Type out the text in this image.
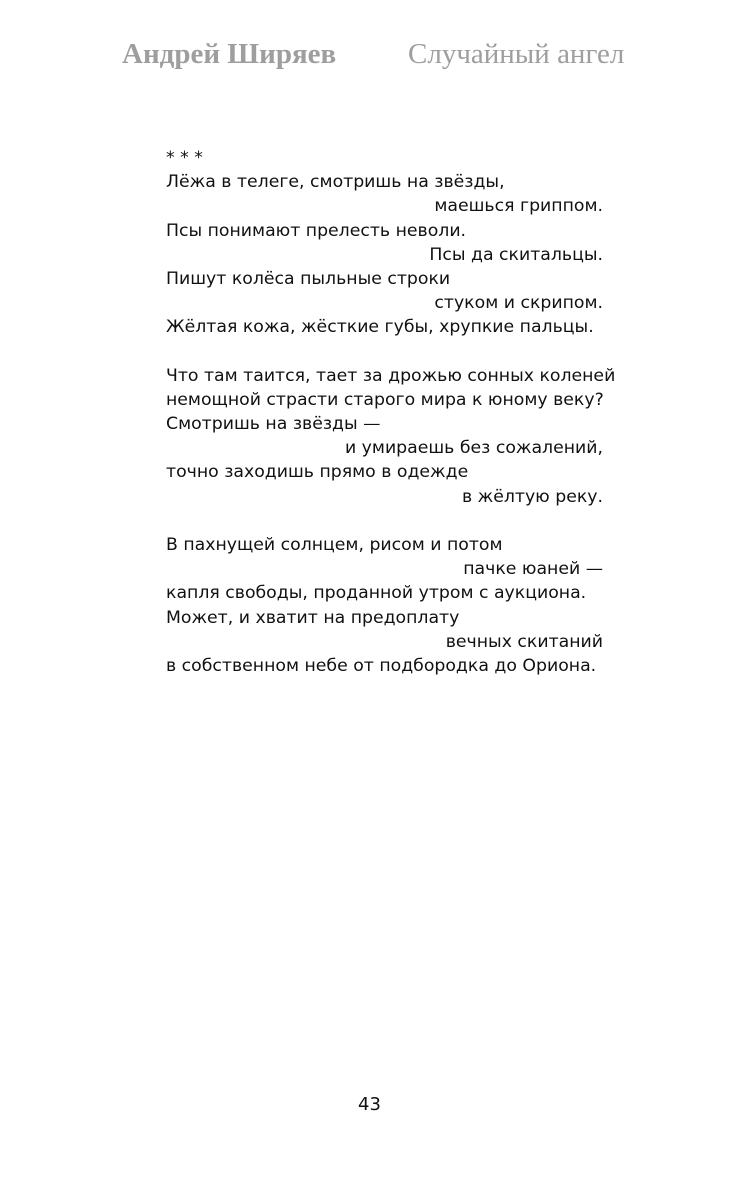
Андрей Ширяев Случайный ангел
* * *
Лёжа в телеге, смотришь на звёзды,
маешься гриппом.
Псы понимают прелесть неволи.
Псы да скитальцы.
Пишут колёса пыльные строки
стуком и скрипом.
Жёлтая кожа, жёсткие губы, хрупкие пальцы.
Что там таится, тает за дрожью сонных коленей
немощной страсти старого мира к юному веку?
Смотришь на звёзды —
и умираешь без сожалений,
точно заходишь прямо в одежде
в жёлтую реку.
В пахнущей солнцем, рисом и потом
пачке юаней —
капля свободы, проданной утром с аукциона.
Может, и хватит на предоплату
вечных скитаний
в собственном небе от подбородка до Ориона.
43
